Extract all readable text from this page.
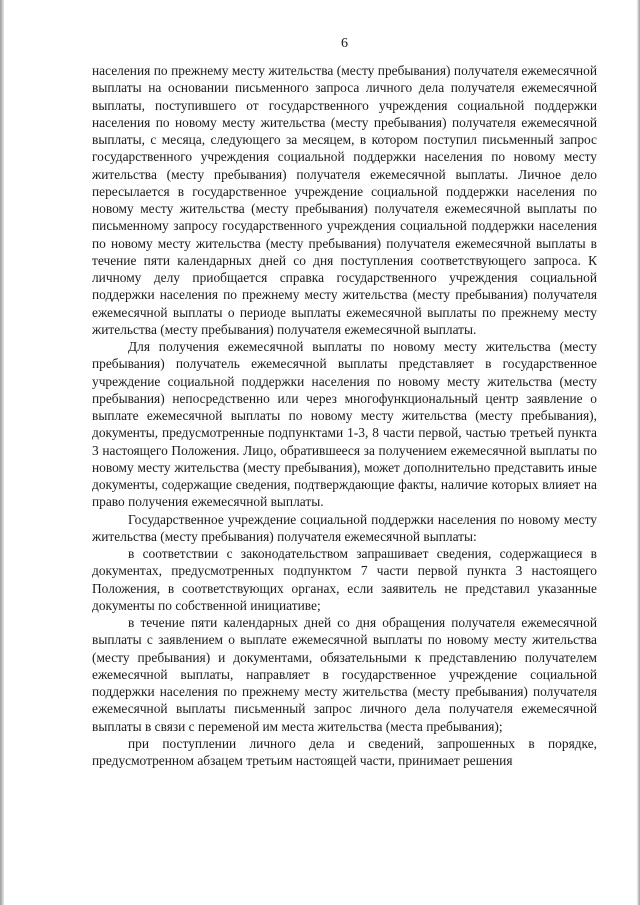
6

населения по прежнему месту жительства (месту пребывания) получателя ежемесячной выплаты на основании письменного запроса личного дела получателя ежемесячной выплаты, поступившего от государственного учреждения социальной поддержки населения по новому месту жительства (месту пребывания) получателя ежемесячной выплаты, с месяца, следующего за месяцем, в котором поступил письменный запрос государственного учреждения социальной поддержки населения по новому месту жительства (месту пребывания) получателя ежемесячной выплаты. Личное дело пересылается в государственное учреждение социальной поддержки населения по новому месту жительства (месту пребывания) получателя ежемесячной выплаты по письменному запросу государственного учреждения социальной поддержки населения по новому месту жительства (месту пребывания) получателя ежемесячной выплаты в течение пяти календарных дней со дня поступления соответствующего запроса. К личному делу приобщается справка государственного учреждения социальной поддержки населения по прежнему месту жительства (месту пребывания) получателя ежемесячной выплаты о периоде выплаты ежемесячной выплаты по прежнему месту жительства (месту пребывания) получателя ежемесячной выплаты.

Для получения ежемесячной выплаты по новому месту жительства (месту пребывания) получатель ежемесячной выплаты представляет в государственное учреждение социальной поддержки населения по новому месту жительства (месту пребывания) непосредственно или через многофункциональный центр заявление о выплате ежемесячной выплаты по новому месту жительства (месту пребывания), документы, предусмотренные подпунктами 1-3, 8 части первой, частью третьей пункта 3 настоящего Положения. Лицо, обратившееся за получением ежемесячной выплаты по новому месту жительства (месту пребывания), может дополнительно представить иные документы, содержащие сведения, подтверждающие факты, наличие которых влияет на право получения ежемесячной выплаты.

Государственное учреждение социальной поддержки населения по новому месту жительства (месту пребывания) получателя ежемесячной выплаты:

в соответствии с законодательством запрашивает сведения, содержащиеся в документах, предусмотренных подпунктом 7 части первой пункта 3 настоящего Положения, в соответствующих органах, если заявитель не представил указанные документы по собственной инициативе;

в течение пяти календарных дней со дня обращения получателя ежемесячной выплаты с заявлением о выплате ежемесячной выплаты по новому месту жительства (месту пребывания) и документами, обязательными к представлению получателем ежемесячной выплаты, направляет в государственное учреждение социальной поддержки населения по прежнему месту жительства (месту пребывания) получателя ежемесячной выплаты письменный запрос личного дела получателя ежемесячной выплаты в связи с переменой им места жительства (места пребывания);

при поступлении личного дела и сведений, запрошенных в порядке, предусмотренном абзацем третьим настоящей части, принимает решения
